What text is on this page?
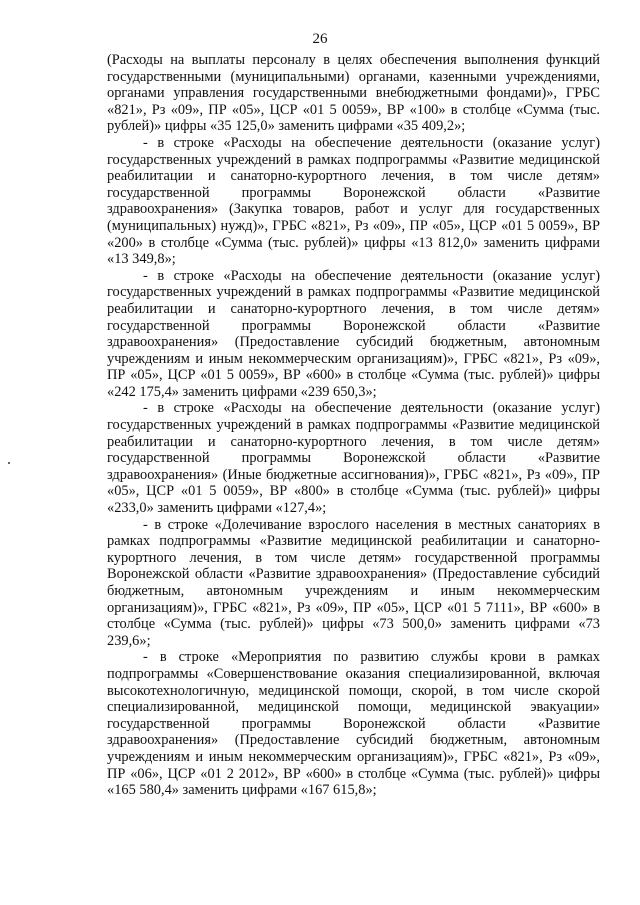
26

(Расходы на выплаты персоналу в целях обеспечения выполнения функций государственными (муниципальными) органами, казенными учреждениями, органами управления государственными внебюджетными фондами)», ГРБС «821», Рз «09», ПР «05», ЦСР «01 5 0059», ВР «100» в столбце «Сумма (тыс. рублей)» цифры «35 125,0» заменить цифрами «35 409,2»;

- в строке «Расходы на обеспечение деятельности (оказание услуг) государственных учреждений в рамках подпрограммы «Развитие медицинской реабилитации и санаторно-курортного лечения, в том числе детям» государственной программы Воронежской области «Развитие здравоохранения» (Закупка товаров, работ и услуг для государственных (муниципальных) нужд)», ГРБС «821», Рз «09», ПР «05», ЦСР «01 5 0059», ВР «200» в столбце «Сумма (тыс. рублей)» цифры «13 812,0» заменить цифрами «13 349,8»;

- в строке «Расходы на обеспечение деятельности (оказание услуг) государственных учреждений в рамках подпрограммы «Развитие медицинской реабилитации и санаторно-курортного лечения, в том числе детям» государственной программы Воронежской области «Развитие здравоохранения» (Предоставление субсидий бюджетным, автономным учреждениям и иным некоммерческим организациям)», ГРБС «821», Рз «09», ПР «05», ЦСР «01 5 0059», ВР «600» в столбце «Сумма (тыс. рублей)» цифры «242 175,4» заменить цифрами «239 650,3»;

- в строке «Расходы на обеспечение деятельности (оказание услуг) государственных учреждений в рамках подпрограммы «Развитие медицинской реабилитации и санаторно-курортного лечения, в том числе детям» государственной программы Воронежской области «Развитие здравоохранения» (Иные бюджетные ассигнования)», ГРБС «821», Рз «09», ПР «05», ЦСР «01 5 0059», ВР «800» в столбце «Сумма (тыс. рублей)» цифры «233,0» заменить цифрами «127,4»;

- в строке «Долечивание взрослого населения в местных санаториях в рамках подпрограммы «Развитие медицинской реабилитации и санаторно-курортного лечения, в том числе детям» государственной программы Воронежской области «Развитие здравоохранения» (Предоставление субсидий бюджетным, автономным учреждениям и иным некоммерческим организациям)», ГРБС «821», Рз «09», ПР «05», ЦСР «01 5 7111», ВР «600» в столбце «Сумма (тыс. рублей)» цифры «73 500,0» заменить цифрами «73 239,6»;

- в строке «Мероприятия по развитию службы крови в рамках подпрограммы «Совершенствование оказания специализированной, включая высокотехнологичную, медицинской помощи, скорой, в том числе скорой специализированной, медицинской помощи, медицинской эвакуации» государственной программы Воронежской области «Развитие здравоохранения» (Предоставление субсидий бюджетным, автономным учреждениям и иным некоммерческим организациям)», ГРБС «821», Рз «09», ПР «06», ЦСР «01 2 2012», ВР «600» в столбце «Сумма (тыс. рублей)» цифры «165 580,4» заменить цифрами «167 615,8»;
